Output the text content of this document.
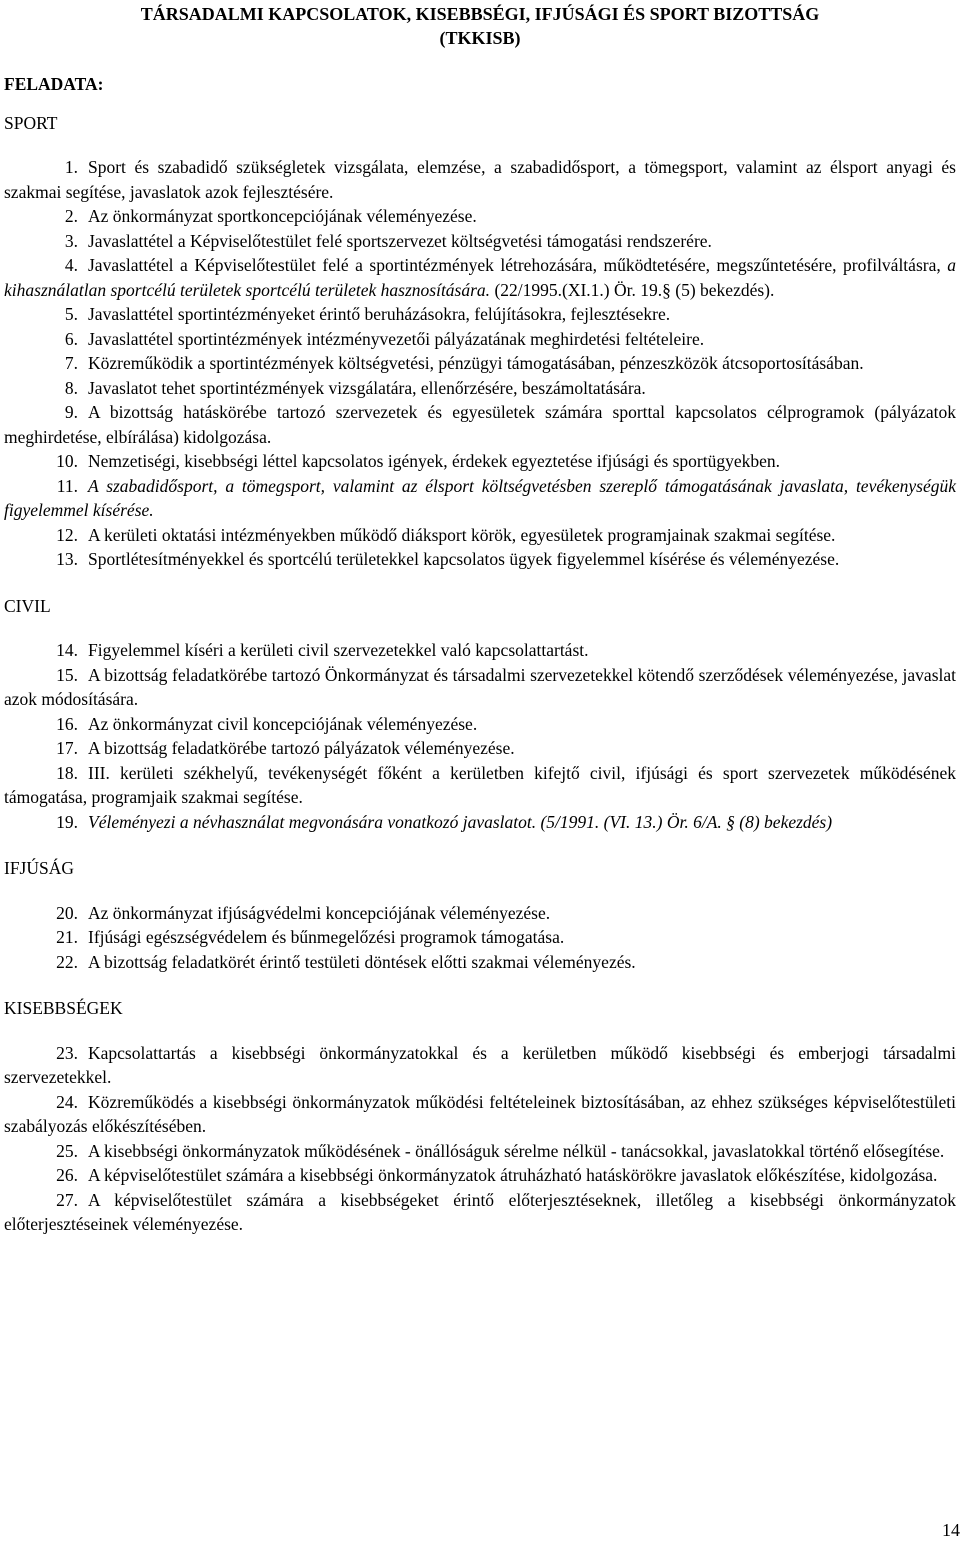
TÁRSADALMI KAPCSOLATOK, KISEBBSÉGI, IFJÚSÁGI ÉS SPORT BIZOTTSÁG
(TKKISB)
FELADATA:
SPORT
1. Sport és szabadidő szükségletek vizsgálata, elemzése, a szabadidősport, a tömegsport, valamint az élsport anyagi és szakmai segítése, javaslatok azok fejlesztésére.
2. Az önkormányzat sportkoncepciójának véleményezése.
3. Javaslattétel a Képviselőtestület felé sportszervezet költségvetési támogatási rendszerére.
4. Javaslattétel a Képviselőtestület felé a sportintézmények létrehozására, működtetésére, megszűntetésére, profilváltásra, a kihasználatlan sportcélú területek sportcélú területek hasznosítására. (22/1995.(XI.1.) Ör. 19.§ (5) bekezdés).
5. Javaslattétel sportintézményeket érintő beruházásokra, felújításokra, fejlesztésekre.
6. Javaslattétel sportintézmények intézményvezetői pályázatának meghirdetési feltételeire.
7. Közreműködik a sportintézmények költségvetési, pénzügyi támogatásában, pénzeszközök átcsoportosításában.
8. Javaslatot tehet sportintézmények vizsgálatára, ellenőrzésére, beszámoltatására.
9. A bizottság hatáskörébe tartozó szervezetek és egyesületek számára sporttal kapcsolatos célprogramok (pályázatok meghirdetése, elbírálása) kidolgozása.
10. Nemzetiségi, kisebbségi léttel kapcsolatos igények, érdekek egyeztetése ifjúsági és sportügyekben.
11. A szabadidősport, a tömegsport, valamint az élsport költségvetésben szereplő támogatásának javaslata, tevékenységük figyelemmel kísérése.
12. A kerületi oktatási intézményekben működő diáksport körök, egyesületek programjainak szakmai segítése.
13. Sportlétesítményekkel és sportcélú területekkel kapcsolatos ügyek figyelemmel kísérése és véleményezése.
CIVIL
14. Figyelemmel kíséri a kerületi civil szervezetekkel való kapcsolattartást.
15. A bizottság feladatkörébe tartozó Önkormányzat és társadalmi szervezetekkel kötendő szerződések véleményezése, javaslat azok módosítására.
16. Az önkormányzat civil koncepciójának véleményezése.
17. A bizottság feladatkörébe tartozó pályázatok véleményezése.
18. III. kerületi székhelyű, tevékenységét főként a kerületben kifejtő civil, ifjúsági és sport szervezetek működésének támogatása, programjaik szakmai segítése.
19. Véleményezi a névhasználat megvonására vonatkozó javaslatot. (5/1991. (VI. 13.) Ör. 6/A. § (8) bekezdés)
IFJÚSÁG
20. Az önkormányzat ifjúságvédelmi koncepciójának véleményezése.
21. Ifjúsági egészségvédelem és bűnmegelőzési programok támogatása.
22. A bizottság feladatkörét érintő testületi döntések előtti szakmai véleményezés.
KISEBBSÉGEK
23. Kapcsolattartás a kisebbségi önkormányzatokkal és a kerületben működő kisebbségi és emberjogi társadalmi szervezetekkel.
24. Közreműködés a kisebbségi önkormányzatok működési feltételeinek biztosításában, az ehhez szükséges képviselőtestületi szabályozás előkészítésében.
25. A kisebbségi önkormányzatok működésének - önállóságuk sérelme nélkül - tanácsokkal, javaslatokkal történő elősegítése.
26. A képviselőtestület számára a kisebbségi önkormányzatok átruházható hatáskörökre javaslatok előkészítése, kidolgozása.
27. A képviselőtestület számára a kisebbségeket érintő előterjesztéseknek, illetőleg a kisebbségi önkormányzatok előterjesztéseinek véleményezése.
14
